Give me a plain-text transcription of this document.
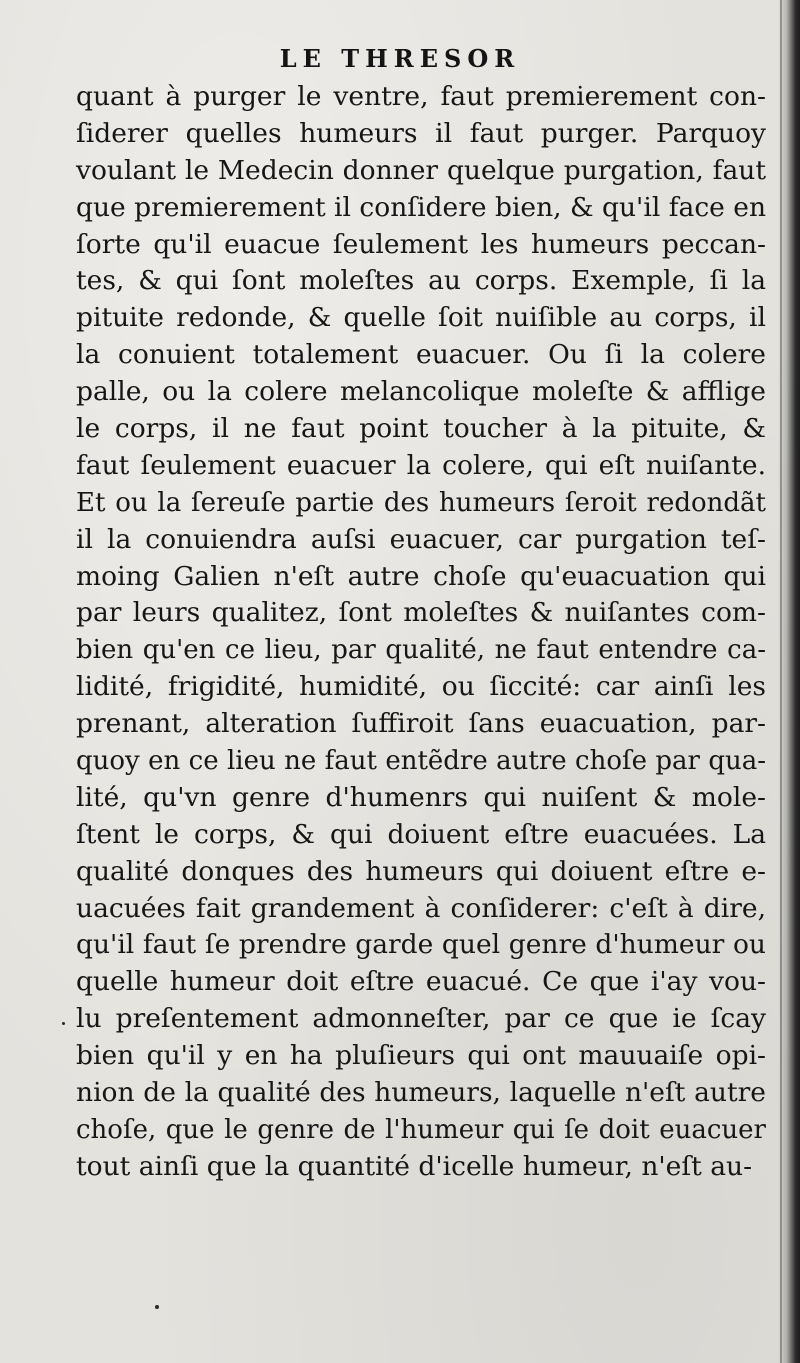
LE THRESOR
quant à purger le ventre, faut premierement con-
ſiderer quelles humeurs il faut purger. Parquoy
voulant le Medecin donner quelque purgation, faut
que premierement il conſidere bien, & qu'il face en
ſorte qu'il euacue ſeulement les humeurs peccan-
tes, & qui ſont moleſtes au corps. Exemple, ſi la
pituite redonde, & quelle ſoit nuiſible au corps, il
la conuient totalement euacuer. Ou ſi la colere
palle, ou la colere melancolique moleſte & afflige
le corps, il ne faut point toucher à la pituite, &
faut ſeulement euacuer la colere, qui eſt nuiſante.
Et ou la ſereuſe partie des humeurs ſeroit redondãt
il la conuiendra auſsi euacuer, car purgation teſ-
moing Galien n'eſt autre choſe qu'euacuation qui
par leurs qualitez, ſont moleſtes & nuiſantes com-
bien qu'en ce lieu, par qualité, ne faut entendre ca-
lidité, frigidité, humidité, ou ſiccité: car ainſi les
prenant, alteration ſuffiroit ſans euacuation, par-
quoy en ce lieu ne faut entẽdre autre choſe par qua-
lité, qu'vn genre d'humenrs qui nuiſent & mole-
ſtent le corps, & qui doiuent eſtre euacuées. La
qualité donques des humeurs qui doiuent eſtre e-
uacuées fait grandement à conſiderer: c'eſt à dire,
qu'il faut ſe prendre garde quel genre d'humeur ou
quelle humeur doit eſtre euacué. Ce que i'ay vou-
lu preſentement admonneſter, par ce que ie ſcay
bien qu'il y en ha pluſieurs qui ont mauuaiſe opi-
nion de la qualité des humeurs, laquelle n'eſt autre
choſe, que le genre de l'humeur qui ſe doit euacuer
tout ainſi que la quantité d'icelle humeur, n'eſt au-
